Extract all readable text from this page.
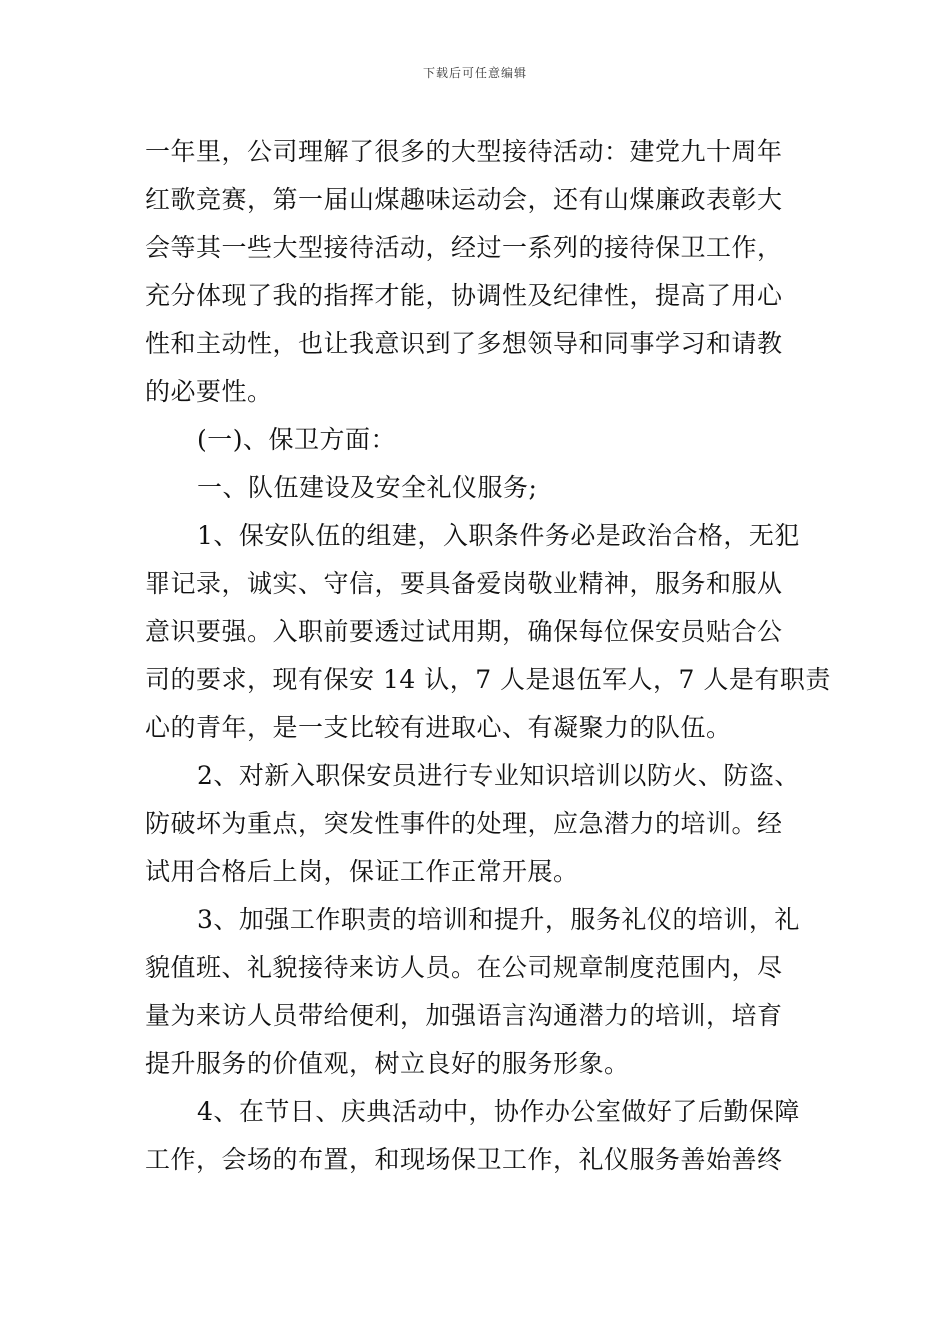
下载后可任意编辑
一年里，公司理解了很多的大型接待活动：建党九十周年
红歌竞赛，第一届山煤趣味运动会，还有山煤廉政表彰大
会等其一些大型接待活动，经过一系列的接待保卫工作，
充分体现了我的指挥才能，协调性及纪律性，提高了用心
性和主动性，也让我意识到了多想领导和同事学习和请教
的必要性。
(一)、保卫方面：
一、队伍建设及安全礼仪服务;
1、保安队伍的组建，入职条件务必是政治合格，无犯
罪记录，诚实、守信，要具备爱岗敬业精神，服务和服从
意识要强。入职前要透过试用期，确保每位保安员贴合公
司的要求，现有保安 14 认，7 人是退伍军人，7 人是有职责
心的青年，是一支比较有进取心、有凝聚力的队伍。
2、对新入职保安员进行专业知识培训以防火、防盗、
防破坏为重点，突发性事件的处理，应急潜力的培训。经
试用合格后上岗，保证工作正常开展。
3、加强工作职责的培训和提升，服务礼仪的培训，礼
貌值班、礼貌接待来访人员。在公司规章制度范围内，尽
量为来访人员带给便利，加强语言沟通潜力的培训，培育
提升服务的价值观，树立良好的服务形象。
4、在节日、庆典活动中，协作办公室做好了后勤保障
工作，会场的布置，和现场保卫工作，礼仪服务善始善终
